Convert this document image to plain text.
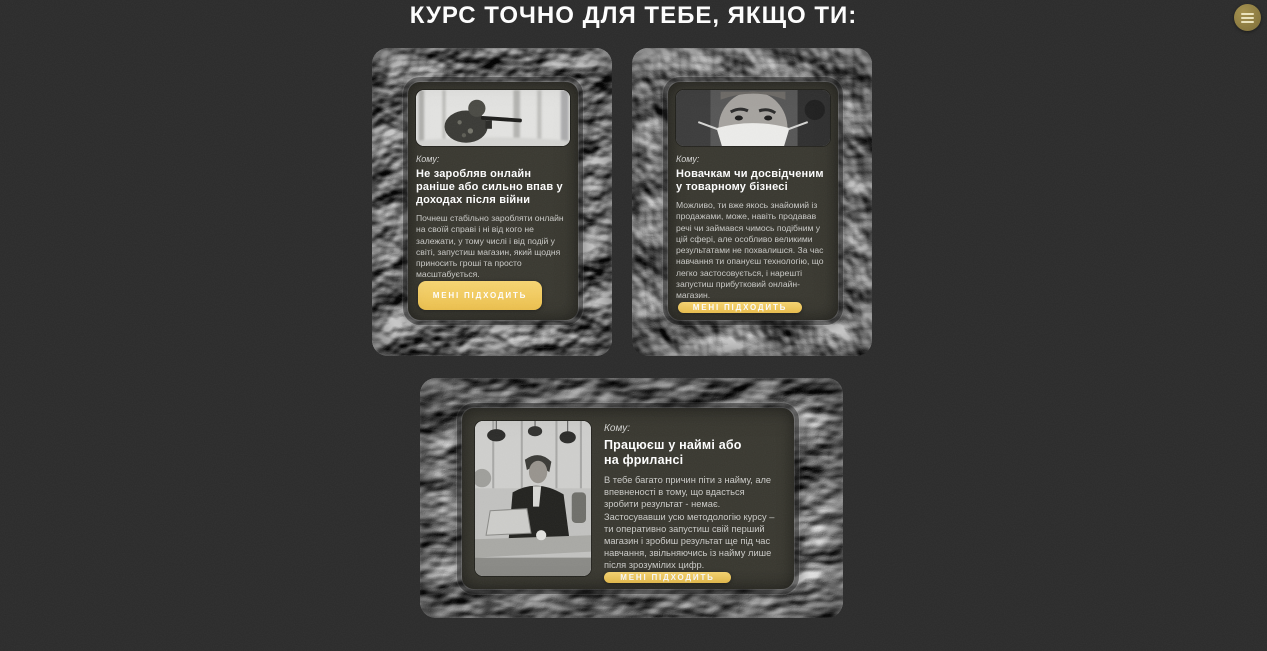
КУРС ТОЧНО ДЛЯ ТЕБЕ, ЯКЩО ТИ:
Кому:
Не заробляв онлайн раніше або сильно впав у доходах після війни

Почнеш стабільно заробляти онлайн на своїй справі і ні від кого не залежати, у тому числі і від подій у світі, запустиш магазин, який щодня приносить гроші та просто масштабується.

МЕНІ ПІДХОДИТЬ
Кому:
Новачкам чи досвідченим у товарному бізнесі

Можливо, ти вже якось знайомий із продажами, може, навіть продавав речі чи займався чимось подібним у цій сфері, але особливо великими результатами не похвалишся. За час навчання ти опануєш технологію, що легко застосовується, і нарешті запустиш прибутковий онлайн-магазин.

МЕНІ ПІДХОДИТЬ
Кому:
Працюєш у наймі або на фрилансі

В тебе багато причин піти з найму, але впевненості в тому, що вдасться зробити результат - немає. Застосувавши усю методологію курсу – ти оперативно запустиш свій перший магазин і зробиш результат ще під час навчання, звільняючись із найму лише після зрозумілих цифр.

МЕНІ ПІДХОДИТЬ
